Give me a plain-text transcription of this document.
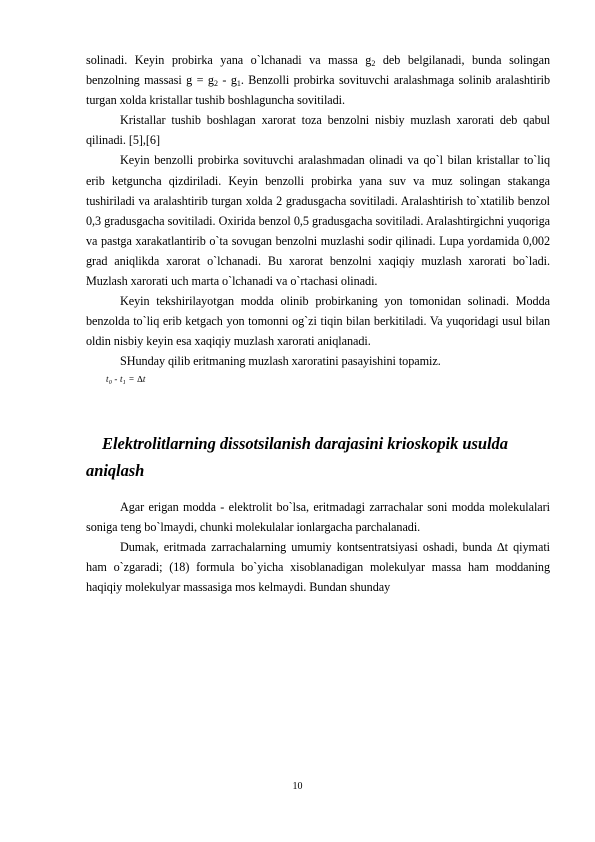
solinadi. Keyin probirka yana o`lchanadi va massa $g_2$ deb belgilanadi, bunda solingan benzolning massasi $g = g_2 - g_1$. Benzolli probirka sovituvchi aralashmaga solinib aralashtirib turgan xolda kristallar tushib boshlaguncha sovitiladi.

Kristallar tushib boshlagan xarorat toza benzolni nisbiy muzlash xarorati deb qabul qilinadi. [5],[6]

Keyin benzolli probirka sovituvchi aralashmadan olinadi va qo`l bilan kristallar to`liq erib ketguncha qizdiriladi. Keyin benzolli probirka yana suv va muz solingan stakanga tushiriladi va aralashtirib turgan xolda 2 gradusgacha sovitiladi. Aralashtirish to`xtatilib benzol 0,3 gradusgacha sovitiladi. Oxirida benzol 0,5 gradusgacha sovitiladi. Aralashtirgichni yuqoriga va pastga xarakatlantirib o`ta sovugan benzolni muzlashi sodir qilinadi. Lupa yordamida 0,002 grad aniqlikda xarorat o`lchanadi. Bu xarorat benzolni xaqiqiy muzlash xarorati bo`ladi. Muzlash xarorati uch marta o`lchanadi va o`rtachasi olinadi.

Keyin tekshirilayotgan modda olinib probirkaning yon tomonidan solinadi. Modda benzolda to`liq erib ketgach yon tomonni og`zi tiqin bilan berkitiladi. Va yuqoridagi usul bilan oldin nisbiy keyin esa xaqiqiy muzlash xarorati aniqlanadi.

SHunday qilib eritmaning muzlash xaroratini pasayishini topamiz.

$t_0 - t_1 = \Delta t$

Elektrolitlarning dissotsilanish darajasini krioskopik usulda aniqlash

Agar erigan modda - elektrolit bo`lsa, eritmadagi zarrachalar soni modda molekulalari soniga teng bo`lmaydi, chunki molekulalar ionlargacha parchalanadi.

Dumak, eritmada zarrachalarning umumiy kontsentratsiyasi oshadi, bunda ∆t qiymati ham o`zgaradi; (18) formula bo`yicha xisoblanadigan molekulyar massa ham moddaning haqiqiy molekulyar massasiga mos kelmaydi. Bundan shunday

10
